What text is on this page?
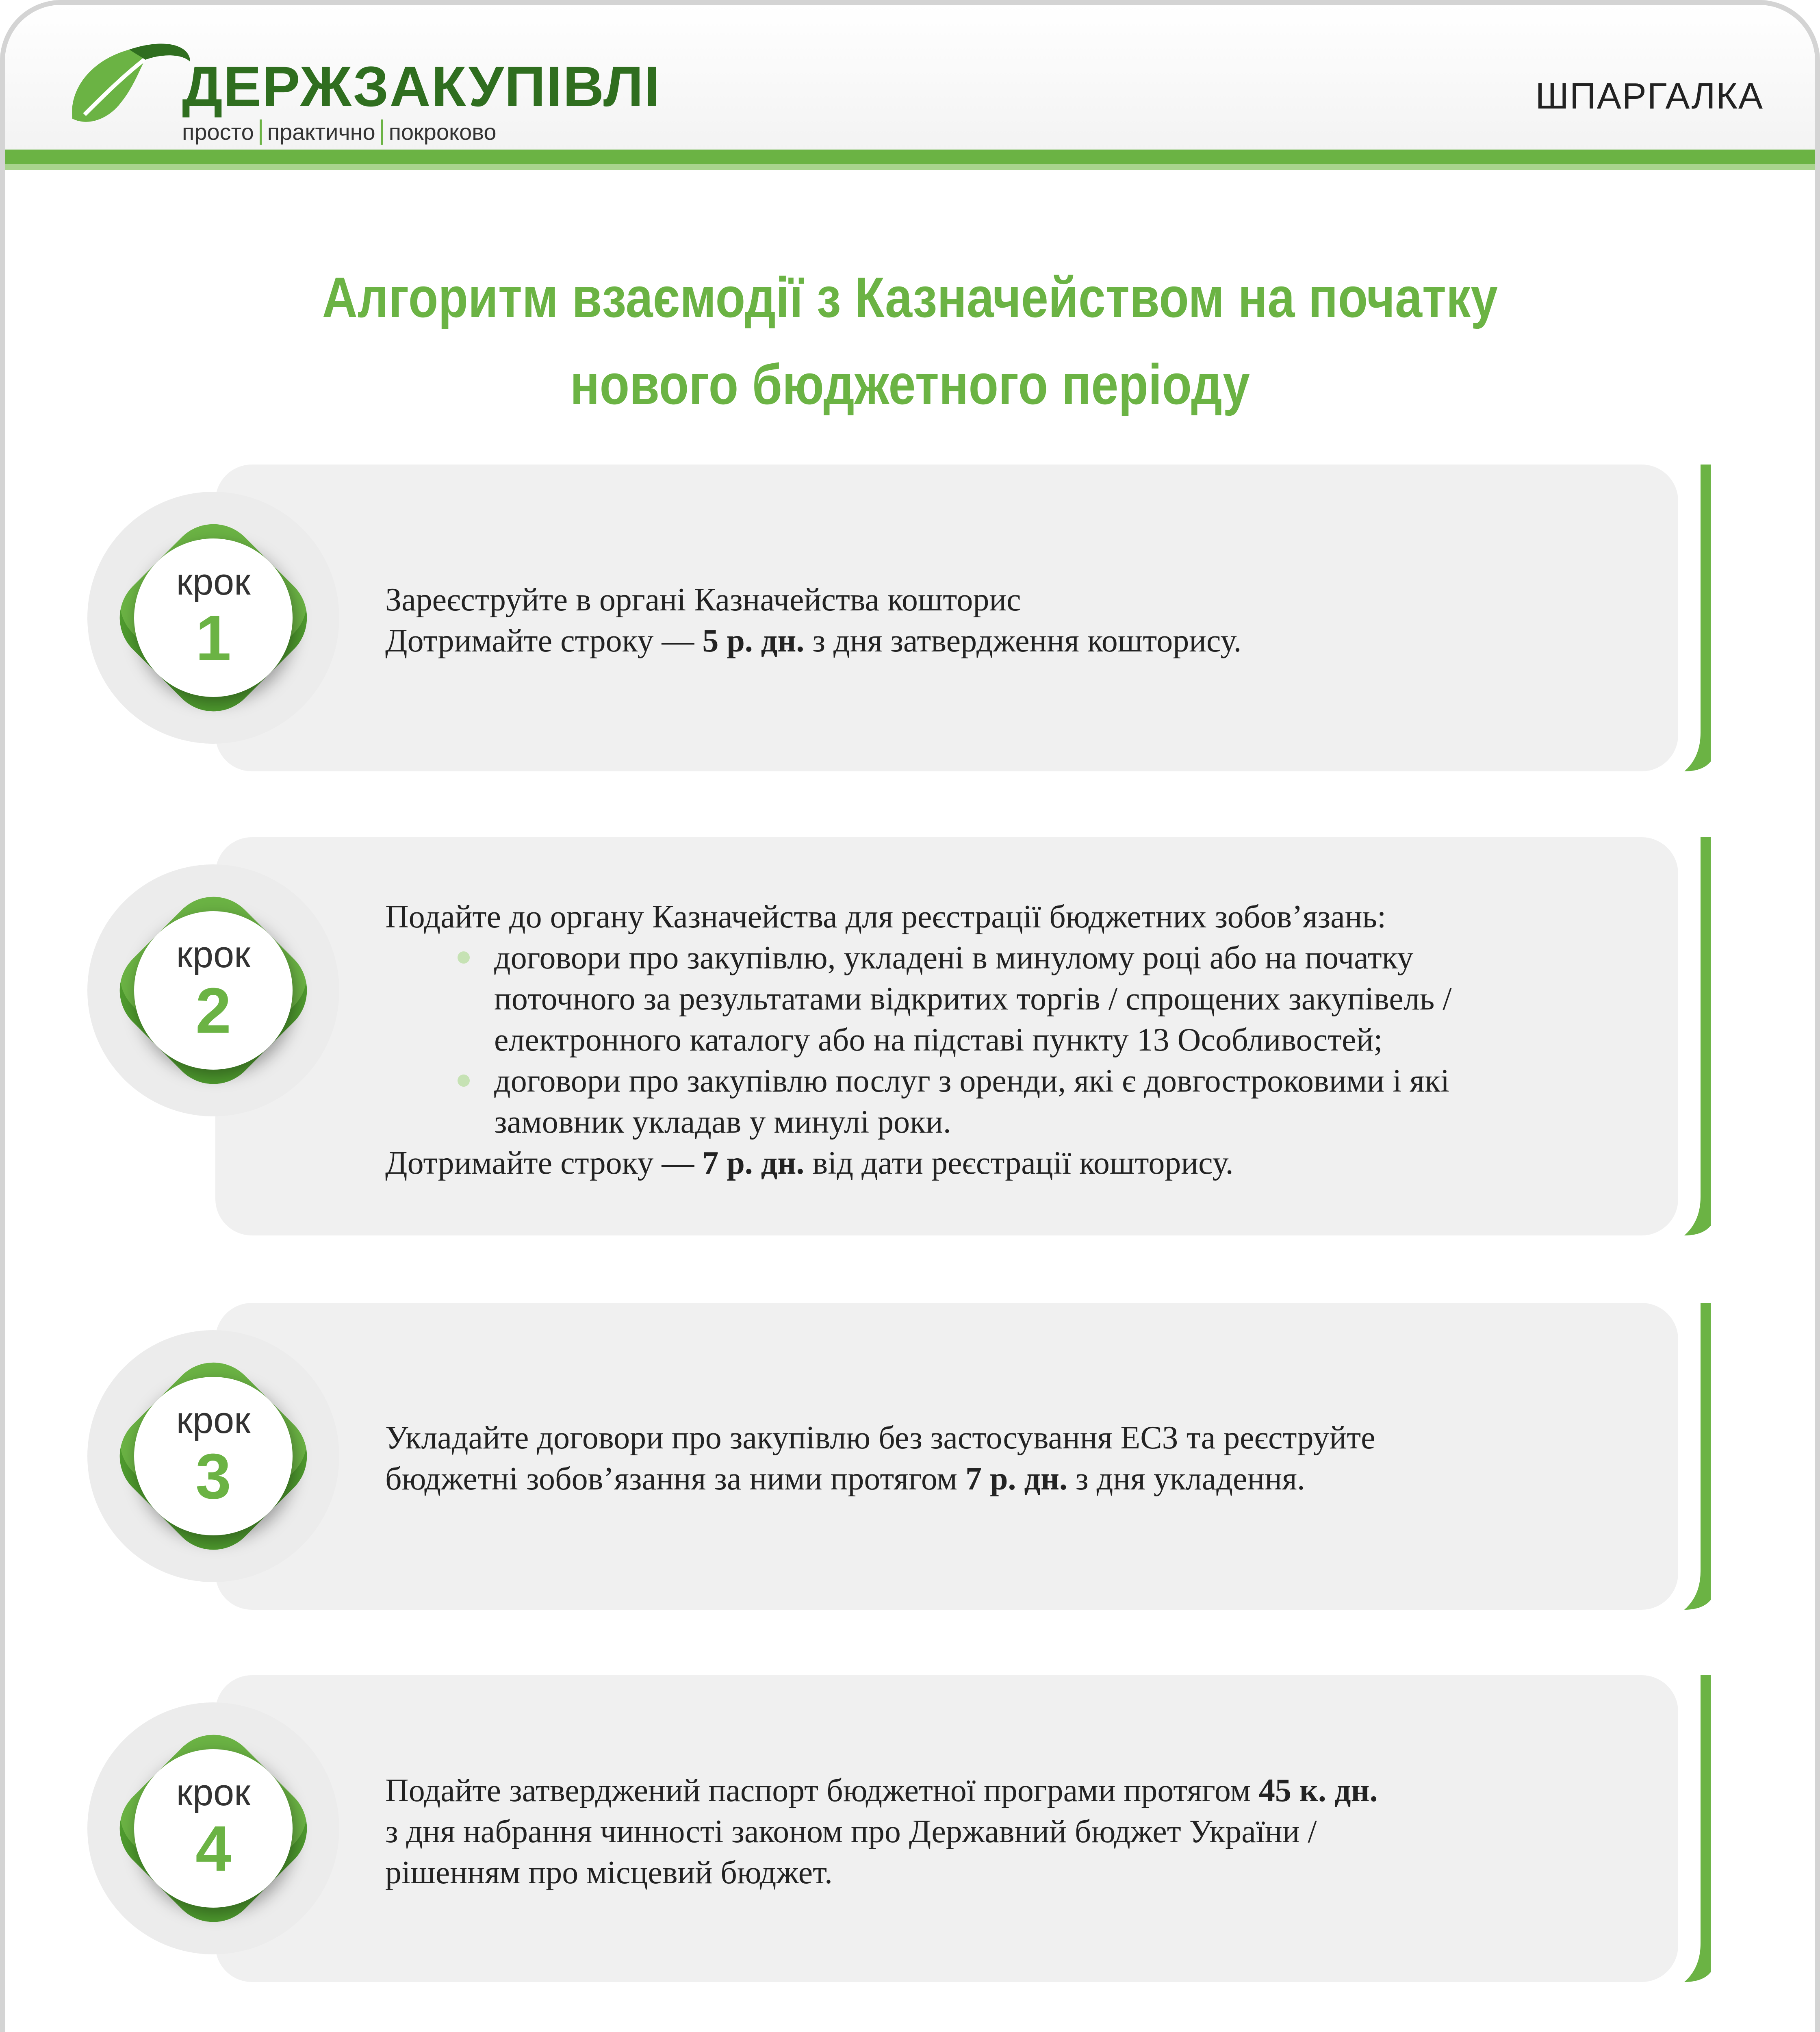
ДЕРЖЗАКУПІВЛІ
просто практично покроково
ШПАРГАЛКА
Алгоритм взаємодії з Казначейством на початку
нового бюджетного періоду
крок
1
Зареєструйте в органі Казначейства кошторис
Дотримайте строку — 5 р. дн. з дня затвердження кошторису.
крок
2
Подайте до органу Казначейства для реєстрації бюджетних зобов’язань:
договори про закупівлю, укладені в минулому році або на початку
поточного за результатами відкритих торгів / спрощених закупівель /
електронного каталогу або на підставі пункту 13 Особливостей;
договори про закупівлю послуг з оренди, які є довгостроковими і які
замовник укладав у минулі роки.
Дотримайте строку — 7 р. дн. від дати реєстрації кошторису.
крок
3
Укладайте договори про закупівлю без застосування ЕСЗ та реєструйте
бюджетні зобов’язання за ними протягом 7 р. дн. з дня укладення.
крок
4
Подайте затверджений паспорт бюджетної програми протягом 45 к. дн.
з дня набрання чинності законом про Державний бюджет України /
рішенням про місцевий бюджет.
